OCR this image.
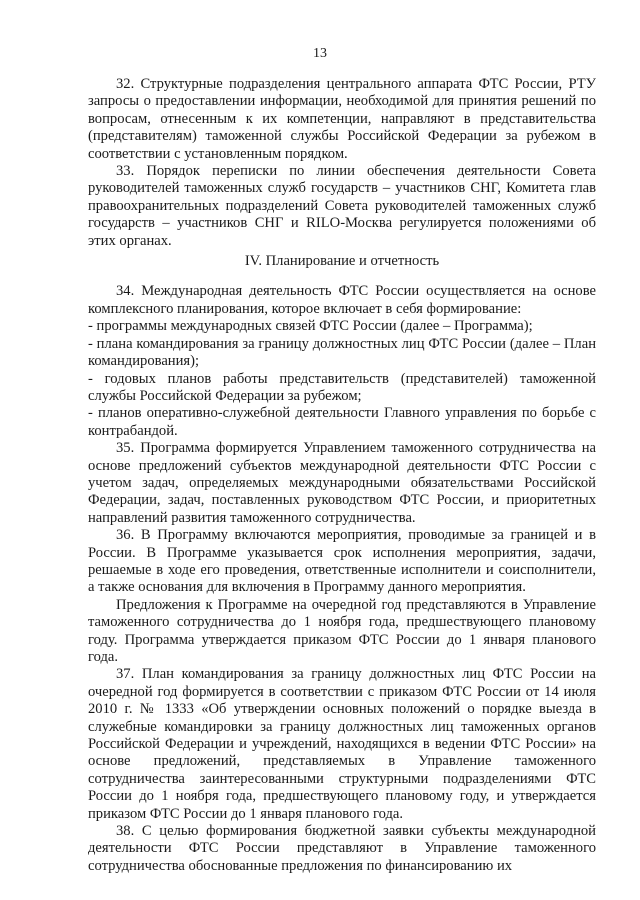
13

32. Структурные подразделения центрального аппарата ФТС России, РТУ запросы о предоставлении информации, необходимой для принятия решений по вопросам, отнесенным к их компетенции, направляют в представительства (представителям) таможенной службы Российской Федерации за рубежом в соответствии с установленным порядком.

33. Порядок переписки по линии обеспечения деятельности Совета руководителей таможенных служб государств – участников СНГ, Комитета глав правоохранительных подразделений Совета руководителей таможенных служб государств – участников СНГ и RILO-Москва регулируется положениями об этих органах.

IV. Планирование и отчетность

34. Международная деятельность ФТС России осуществляется на основе комплексного планирования, которое включает в себя формирование:

- программы международных связей ФТС России (далее – Программа);

- плана командирования за границу должностных лиц ФТС России (далее – План командирования);

- годовых планов работы представительств (представителей) таможенной службы Российской Федерации за рубежом;

- планов оперативно-служебной деятельности Главного управления по борьбе с контрабандой.

35. Программа формируется Управлением таможенного сотрудничества на основе предложений субъектов международной деятельности ФТС России с учетом задач, определяемых международными обязательствами Российской Федерации, задач, поставленных руководством ФТС России, и приоритетных направлений развития таможенного сотрудничества.

36. В Программу включаются мероприятия, проводимые за границей и в России. В Программе указывается срок исполнения мероприятия, задачи, решаемые в ходе его проведения, ответственные исполнители и соисполнители, а также основания для включения в Программу данного мероприятия.

Предложения к Программе на очередной год представляются в Управление таможенного сотрудничества до 1 ноября года, предшествующего плановому году. Программа утверждается приказом ФТС России до 1 января планового года.

37. План командирования за границу должностных лиц ФТС России на очередной год формируется в соответствии с приказом ФТС России от 14 июля 2010 г. № 1333 «Об утверждении основных положений о порядке выезда в служебные командировки за границу должностных лиц таможенных органов Российской Федерации и учреждений, находящихся в ведении ФТС России» на основе предложений, представляемых в Управление таможенного сотрудничества заинтересованными структурными подразделениями ФТС России до 1 ноября года, предшествующего плановому году, и утверждается приказом ФТС России до 1 января планового года.

38. С целью формирования бюджетной заявки субъекты международной деятельности ФТС России представляют в Управление таможенного сотрудничества обоснованные предложения по финансированию их
